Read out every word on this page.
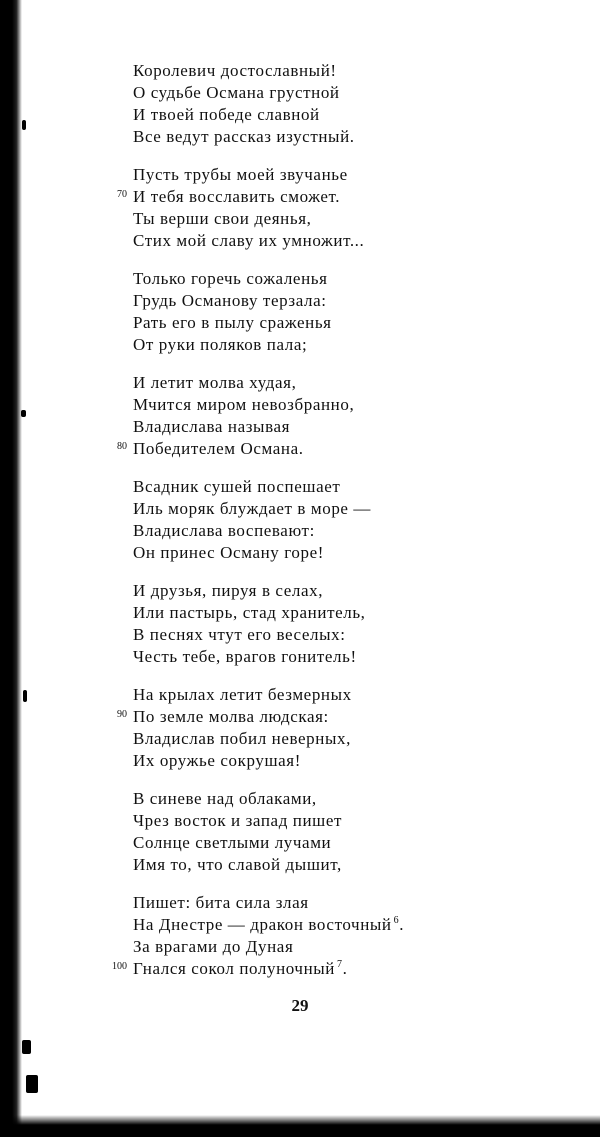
Королевич достославный!
О судьбе Османа грустной
И твоей победе славной
Все ведут рассказ изустный.
Пусть трубы моей звучанье
70 И тебя восславить сможет.
Ты верши свои деянья,
Стих мой славу их умножит...
Только горечь сожаленья
Грудь Османову терзала:
Рать его в пылу сраженья
От руки поляков пала;
И летит молва худая,
Мчится миром невозбранно,
Владислава называя
80 Победителем Османа.
Всадник сушей поспешает
Иль моряк блуждает в море —
Владислава воспевают:
Он принес Осману горе!
И друзья, пируя в селах,
Или пастырь, стад хранитель,
В песнях чтут его веселых:
Честь тебе, врагов гонитель!
На крылах летит безмерных
90 По земле молва людская:
Владислав побил неверных,
Их оружье сокрушая!
В синеве над облаками,
Чрез восток и запад пишет
Солнце светлыми лучами
Имя то, что славой дышит,
Пишет: бита сила злая
На Днестре — дракон восточный $^6$.
За врагами до Дуная
100 Гнался сокол полуночный $^7$.
29
